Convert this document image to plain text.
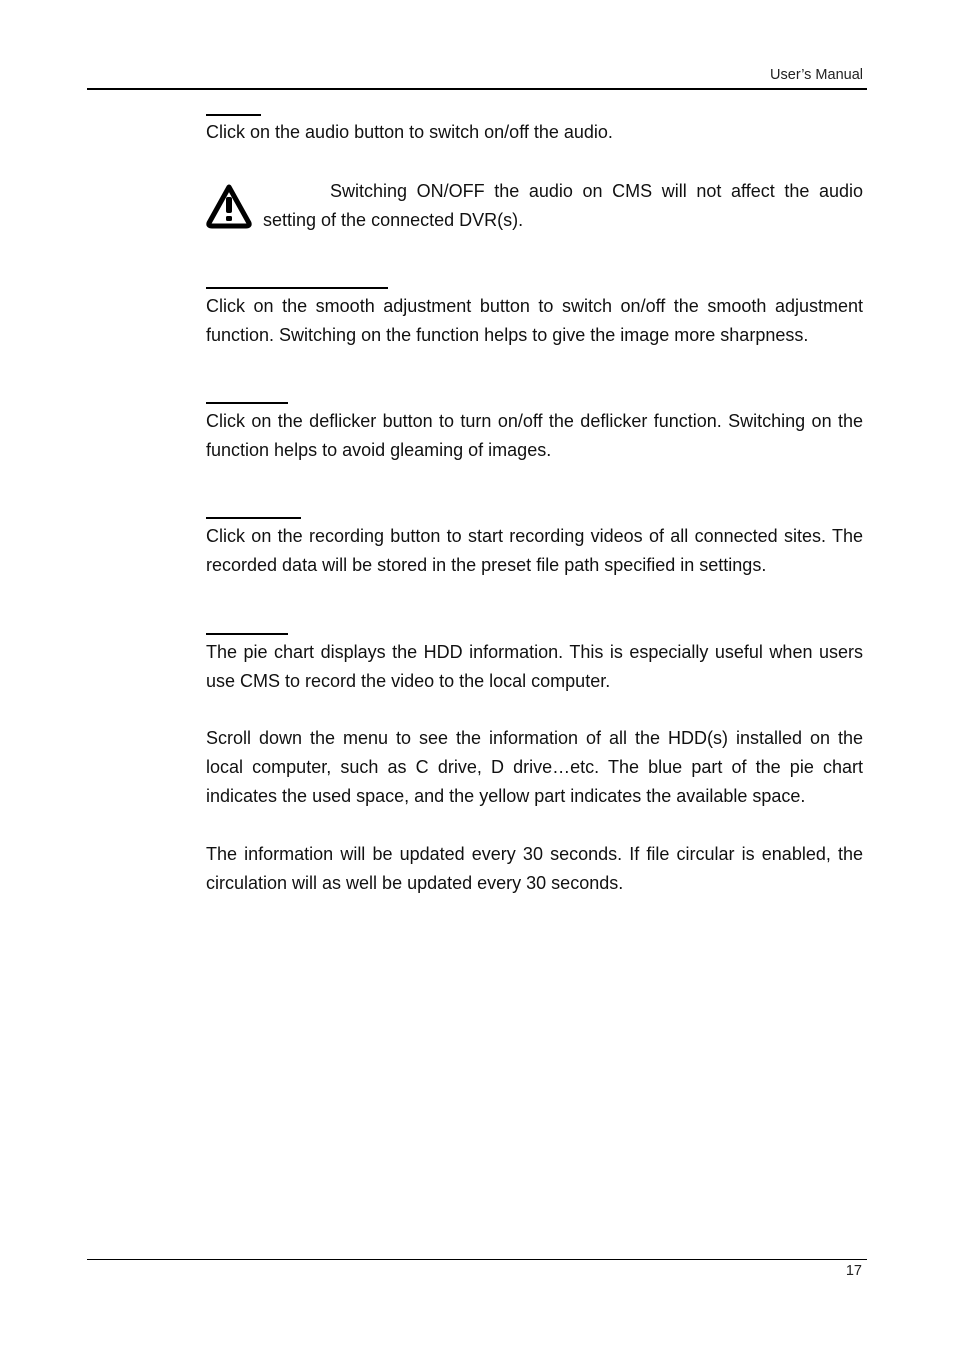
User’s Manual

Click on the audio button to switch on/off the audio.

Switching ON/OFF the audio on CMS will not affect the audio setting of the connected DVR(s).

Click on the smooth adjustment button to switch on/off the smooth adjustment function. Switching on the function helps to give the image more sharpness.

Click on the deflicker button to turn on/off the deflicker function. Switching on the function helps to avoid gleaming of images.

Click on the recording button to start recording videos of all connected sites. The recorded data will be stored in the preset file path specified in settings.

The pie chart displays the HDD information. This is especially useful when users use CMS to record the video to the local computer.

Scroll down the menu to see the information of all the HDD(s) installed on the local computer, such as C drive, D drive…etc. The blue part of the pie chart indicates the used space, and the yellow part indicates the available space.

The information will be updated every 30 seconds. If file circular is enabled, the circulation will as well be updated every 30 seconds.

17
